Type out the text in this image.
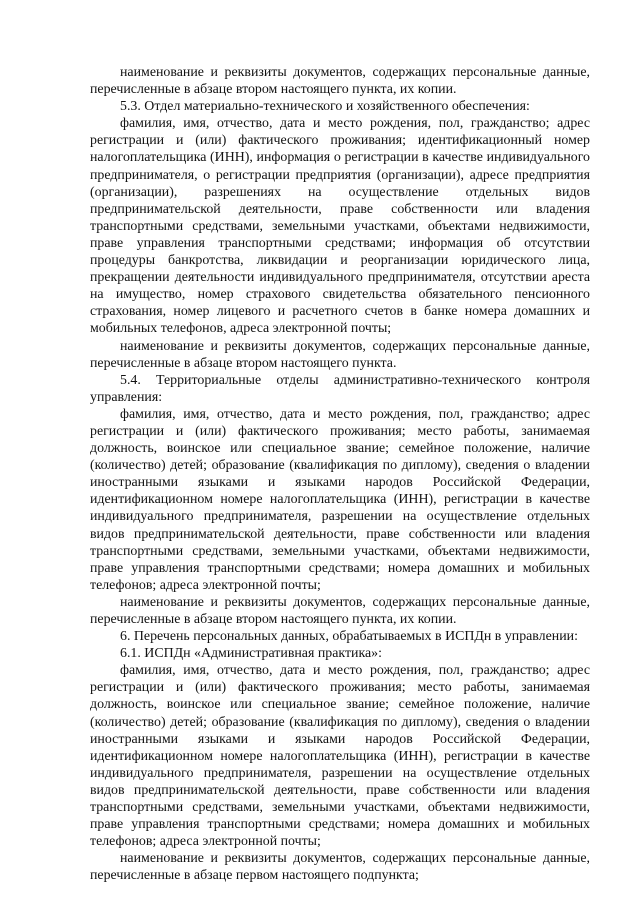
наименование и реквизиты документов, содержащих персональные данные, перечисленные в абзаце втором настоящего пункта, их копии.

5.3. Отдел материально-технического и хозяйственного обеспечения:

фамилия, имя, отчество, дата и место рождения, пол, гражданство; адрес регистрации и (или) фактического проживания; идентификационный номер налогоплательщика (ИНН), информация о регистрации в качестве индивидуального предпринимателя, о регистрации предприятия (организации), адресе предприятия (организации), разрешениях на осуществление отдельных видов предпринимательской деятельности, праве собственности или владения транспортными средствами, земельными участками, объектами недвижимости, праве управления транспортными средствами; информация об отсутствии процедуры банкротства, ликвидации и реорганизации юридического лица, прекращении деятельности индивидуального предпринимателя, отсутствии ареста на имущество, номер страхового свидетельства обязательного пенсионного страхования, номер лицевого и расчетного счетов в банке номера домашних и мобильных телефонов, адреса электронной почты;

наименование и реквизиты документов, содержащих персональные данные, перечисленные в абзаце втором настоящего пункта.

5.4. Территориальные отделы административно-технического контроля управления:

фамилия, имя, отчество, дата и место рождения, пол, гражданство; адрес регистрации и (или) фактического проживания; место работы, занимаемая должность, воинское или специальное звание; семейное положение, наличие (количество) детей; образование (квалификация по диплому), сведения о владении иностранными языками и языками народов Российской Федерации, идентификационном номере налогоплательщика (ИНН), регистрации в качестве индивидуального предпринимателя, разрешении на осуществление отдельных видов предпринимательской деятельности, праве собственности или владения транспортными средствами, земельными участками, объектами недвижимости, праве управления транспортными средствами; номера домашних и мобильных телефонов; адреса электронной почты;

наименование и реквизиты документов, содержащих персональные данные, перечисленные в абзаце втором настоящего пункта, их копии.

6. Перечень персональных данных, обрабатываемых в ИСПДн в управлении:

6.1. ИСПДн «Административная практика»:

фамилия, имя, отчество, дата и место рождения, пол, гражданство; адрес регистрации и (или) фактического проживания; место работы, занимаемая должность, воинское или специальное звание; семейное положение, наличие (количество) детей; образование (квалификация по диплому), сведения о владении иностранными языками и языками народов Российской Федерации, идентификационном номере налогоплательщика (ИНН), регистрации в качестве индивидуального предпринимателя, разрешении на осуществление отдельных видов предпринимательской деятельности, праве собственности или владения транспортными средствами, земельными участками, объектами недвижимости, праве управления транспортными средствами; номера домашних и мобильных телефонов; адреса электронной почты;

наименование и реквизиты документов, содержащих персональные данные, перечисленные в абзаце первом настоящего подпункта;
